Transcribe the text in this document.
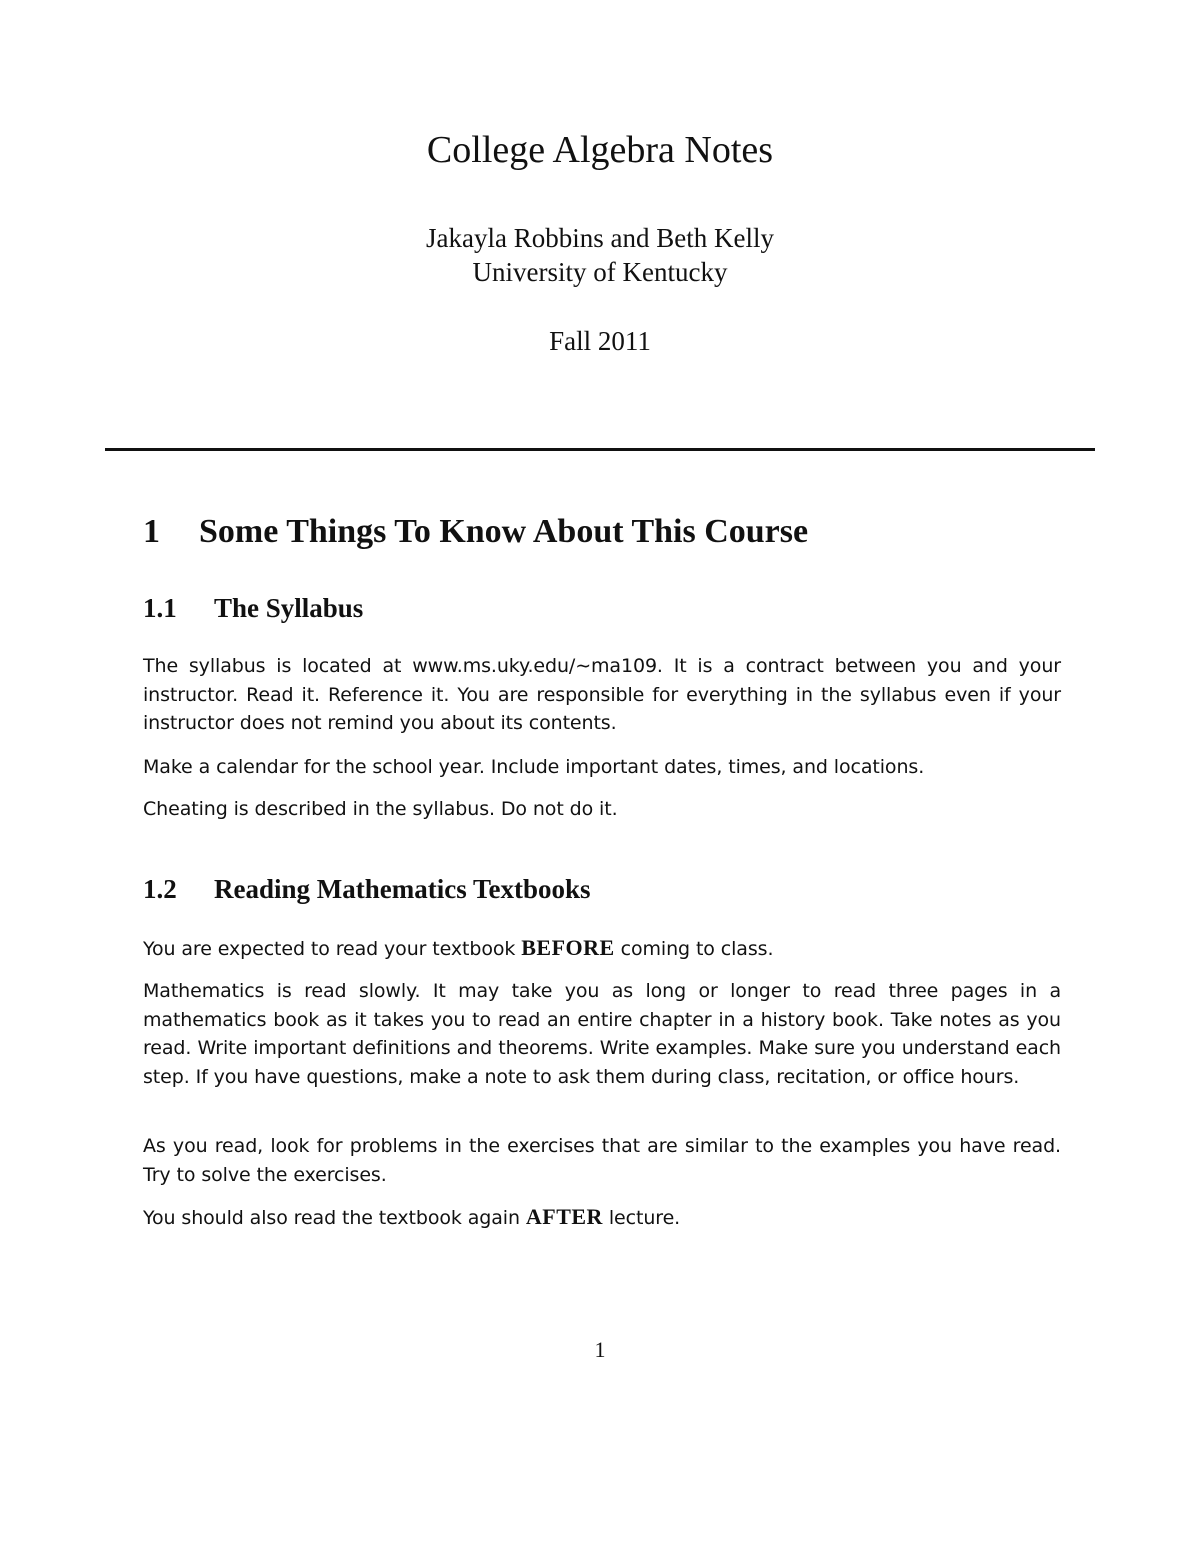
College Algebra Notes
Jakayla Robbins and Beth Kelly
University of Kentucky
Fall 2011
1 Some Things To Know About This Course
1.1 The Syllabus

The syllabus is located at www.ms.uky.edu/∼ma109. It is a contract between you and your instructor. Read it. Reference it. You are responsible for everything in the syllabus even if your instructor does not remind you about its contents.

Make a calendar for the school year. Include important dates, times, and locations.

Cheating is described in the syllabus. Do not do it.

1.2 Reading Mathematics Textbooks

You are expected to read your textbook BEFORE coming to class.

Mathematics is read slowly. It may take you as long or longer to read three pages in a mathematics book as it takes you to read an entire chapter in a history book. Take notes as you read. Write important definitions and theorems. Write examples. Make sure you understand each step. If you have questions, make a note to ask them during class, recitation, or office hours.

As you read, look for problems in the exercises that are similar to the examples you have read. Try to solve the exercises.

You should also read the textbook again AFTER lecture.

1
